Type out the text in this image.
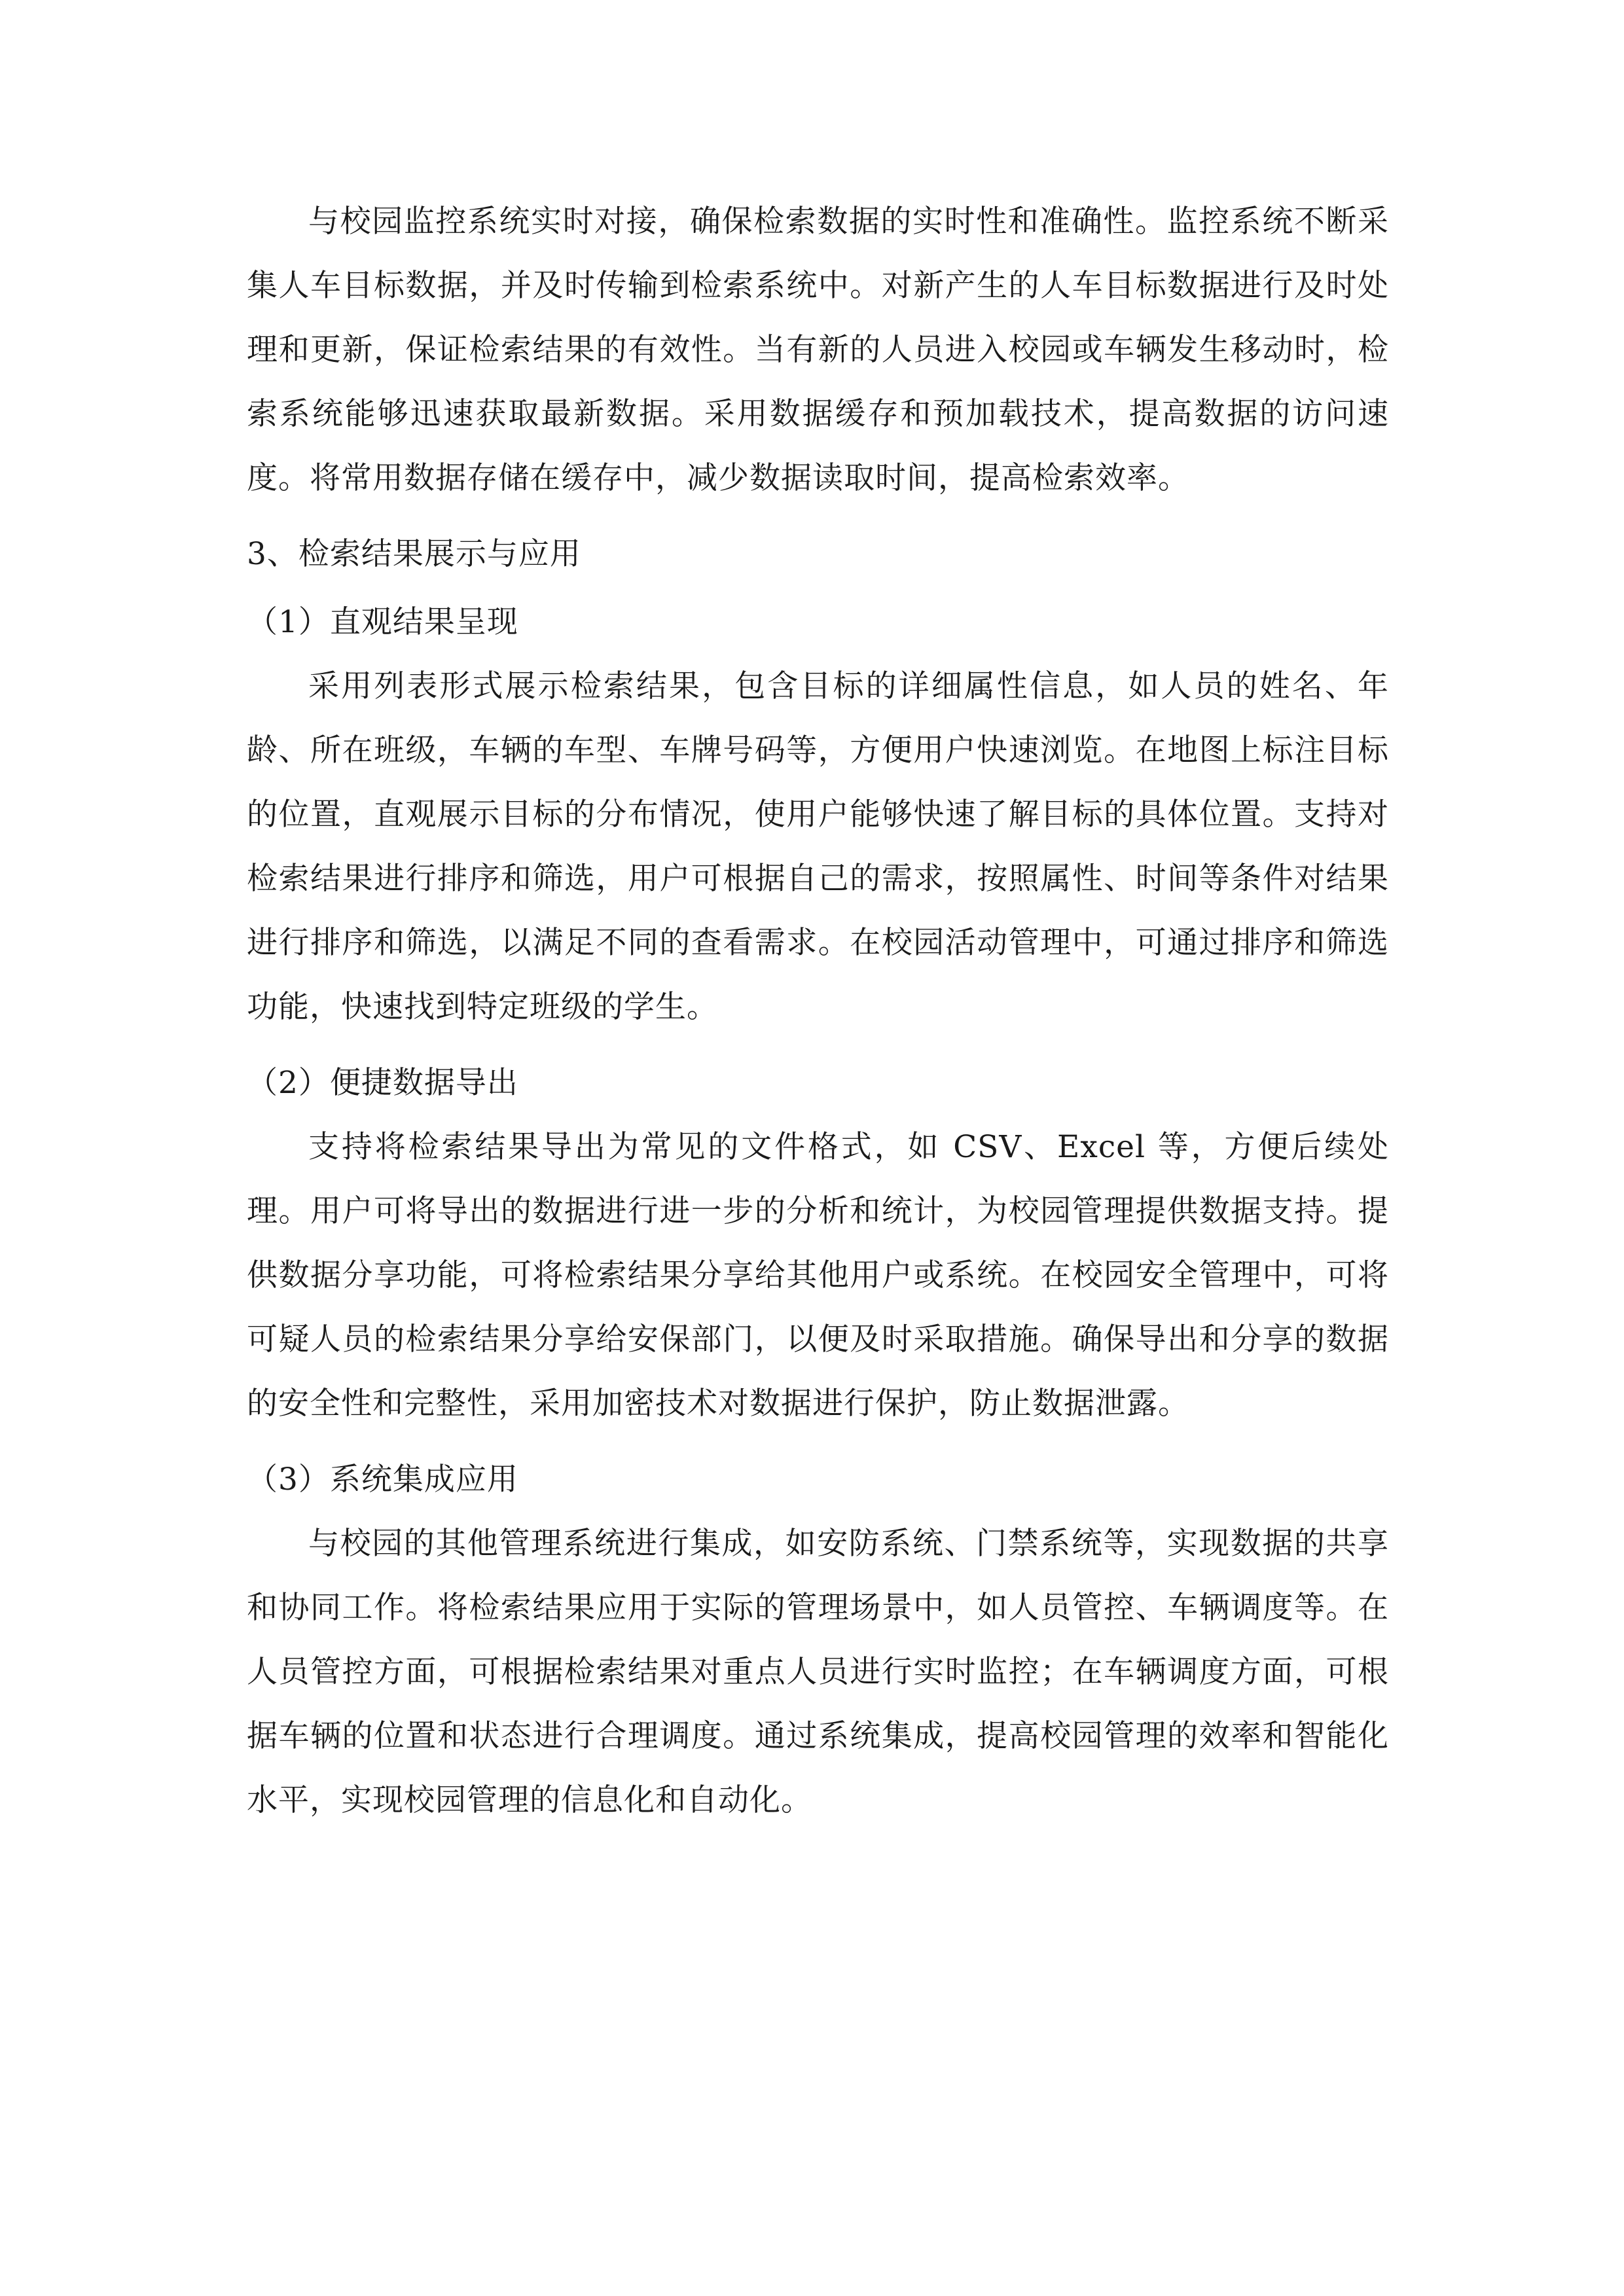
与校园监控系统实时对接，确保检索数据的实时性和准确性。监控系统不断采集人车目标数据，并及时传输到检索系统中。对新产生的人车目标数据进行及时处理和更新，保证检索结果的有效性。当有新的人员进入校园或车辆发生移动时，检索系统能够迅速获取最新数据。采用数据缓存和预加载技术，提高数据的访问速度。将常用数据存储在缓存中，减少数据读取时间，提高检索效率。

3、检索结果展示与应用

（1）直观结果呈现

采用列表形式展示检索结果，包含目标的详细属性信息，如人员的姓名、年龄、所在班级，车辆的车型、车牌号码等，方便用户快速浏览。在地图上标注目标的位置，直观展示目标的分布情况，使用户能够快速了解目标的具体位置。支持对检索结果进行排序和筛选，用户可根据自己的需求，按照属性、时间等条件对结果进行排序和筛选，以满足不同的查看需求。在校园活动管理中，可通过排序和筛选功能，快速找到特定班级的学生。

（2）便捷数据导出

支持将检索结果导出为常见的文件格式，如 CSV、Excel 等，方便后续处理。用户可将导出的数据进行进一步的分析和统计，为校园管理提供数据支持。提供数据分享功能，可将检索结果分享给其他用户或系统。在校园安全管理中，可将可疑人员的检索结果分享给安保部门，以便及时采取措施。确保导出和分享的数据的安全性和完整性，采用加密技术对数据进行保护，防止数据泄露。

（3）系统集成应用

与校园的其他管理系统进行集成，如安防系统、门禁系统等，实现数据的共享和协同工作。将检索结果应用于实际的管理场景中，如人员管控、车辆调度等。在人员管控方面，可根据检索结果对重点人员进行实时监控；在车辆调度方面，可根据车辆的位置和状态进行合理调度。通过系统集成，提高校园管理的效率和智能化水平，实现校园管理的信息化和自动化。
